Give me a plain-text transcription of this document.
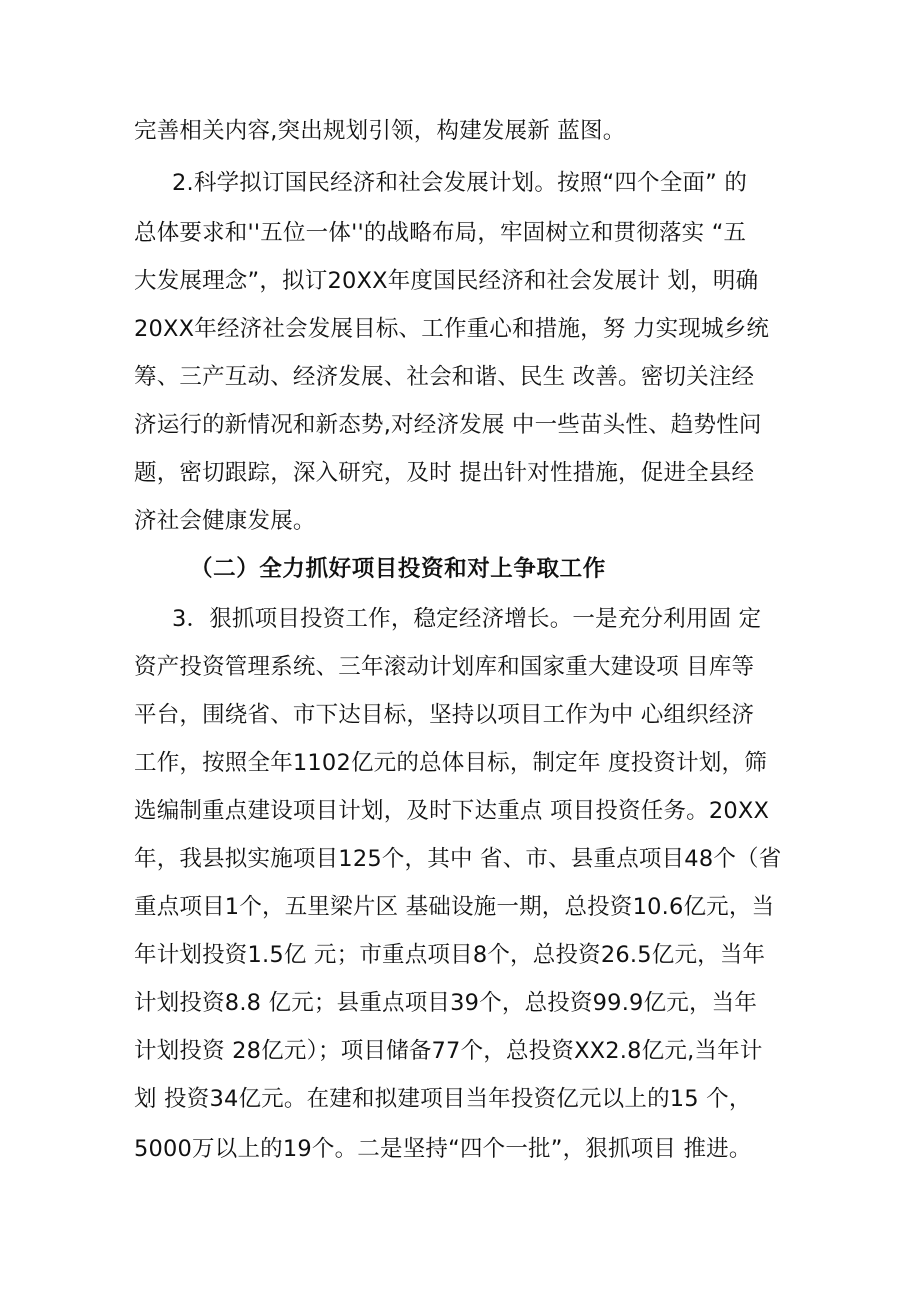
完善相关内容,突出规划引领，构建发展新 蓝图。
2.科学拟订国民经济和社会发展计划。按照“四个全面” 的
总体要求和''五位一体''的战略布局，牢固树立和贯彻落实 “五
大发展理念”，拟订20XX年度国民经济和社会发展计 划，明确
20XX年经济社会发展目标、工作重心和措施，努 力实现城乡统
筹、三产互动、经济发展、社会和谐、民生 改善。密切关注经
济运行的新情况和新态势,对经济发展 中一些苗头性、趋势性问
题，密切跟踪，深入研究，及时 提出针对性措施，促进全县经
济社会健康发展。
（二）全力抓好项目投资和对上争取工作
3．狠抓项目投资工作，稳定经济增长。一是充分利用固 定
资产投资管理系统、三年滚动计划库和国家重大建设项 目库等
平台，围绕省、市下达目标，坚持以项目工作为中 心组织经济
工作，按照全年1102亿元的总体目标，制定年 度投资计划，筛
选编制重点建设项目计划，及时下达重点 项目投资任务。20XX
年，我县拟实施项目125个，其中 省、市、县重点项目48个（省
重点项目1个，五里梁片区 基础设施一期，总投资10.6亿元，当
年计划投资1.5亿 元；市重点项目8个，总投资26.5亿元，当年
计划投资8.8 亿元；县重点项目39个，总投资99.9亿元，当年
计划投资 28亿元）；项目储备77个，总投资XX2.8亿元,当年计
划 投资34亿元。在建和拟建项目当年投资亿元以上的15 个，
5000万以上的19个。二是坚持“四个一批”，狠抓项目 推进。
